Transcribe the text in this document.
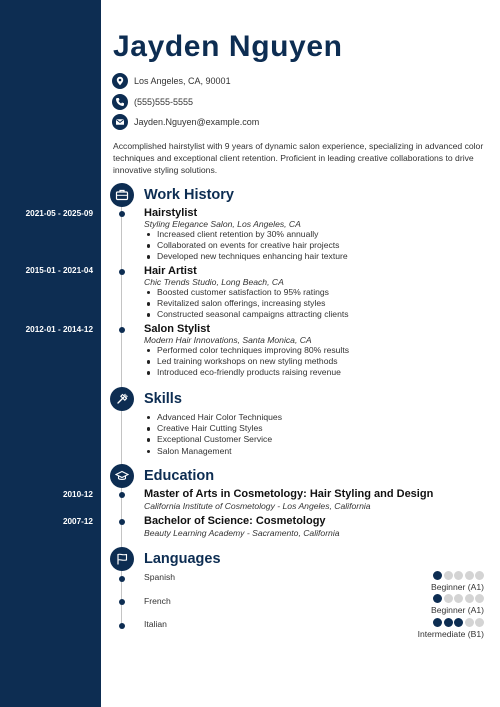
Jayden Nguyen
Los Angeles, CA, 90001
(555)555-5555
Jayden.Nguyen@example.com
Accomplished hairstylist with 9 years of dynamic salon experience, specializing in advanced color techniques and exceptional client retention. Proficient in leading creative collaborations to drive innovative styling solutions.
Work History
2021-05 - 2025-09	Hairstylist
Styling Elegance Salon, Los Angeles, CA
Increased client retention by 30% annually
Collaborated on events for creative hair projects
Developed new techniques enhancing hair texture
2015-01 - 2021-04	Hair Artist
Chic Trends Studio, Long Beach, CA
Boosted customer satisfaction to 95% ratings
Revitalized salon offerings, increasing styles
Constructed seasonal campaigns attracting clients
2012-01 - 2014-12	Salon Stylist
Modern Hair Innovations, Santa Monica, CA
Performed color techniques improving 80% results
Led training workshops on new styling methods
Introduced eco-friendly products raising revenue
Skills
Advanced Hair Color Techniques
Creative Hair Cutting Styles
Exceptional Customer Service
Salon Management
Education
2010-12	Master of Arts in Cosmetology: Hair Styling and Design
California Institute of Cosmetology - Los Angeles, California
2007-12	Bachelor of Science: Cosmetology
Beauty Learning Academy - Sacramento, California
Languages
Spanish
Beginner (A1)
French
Beginner (A1)
Italian
Intermediate (B1)
